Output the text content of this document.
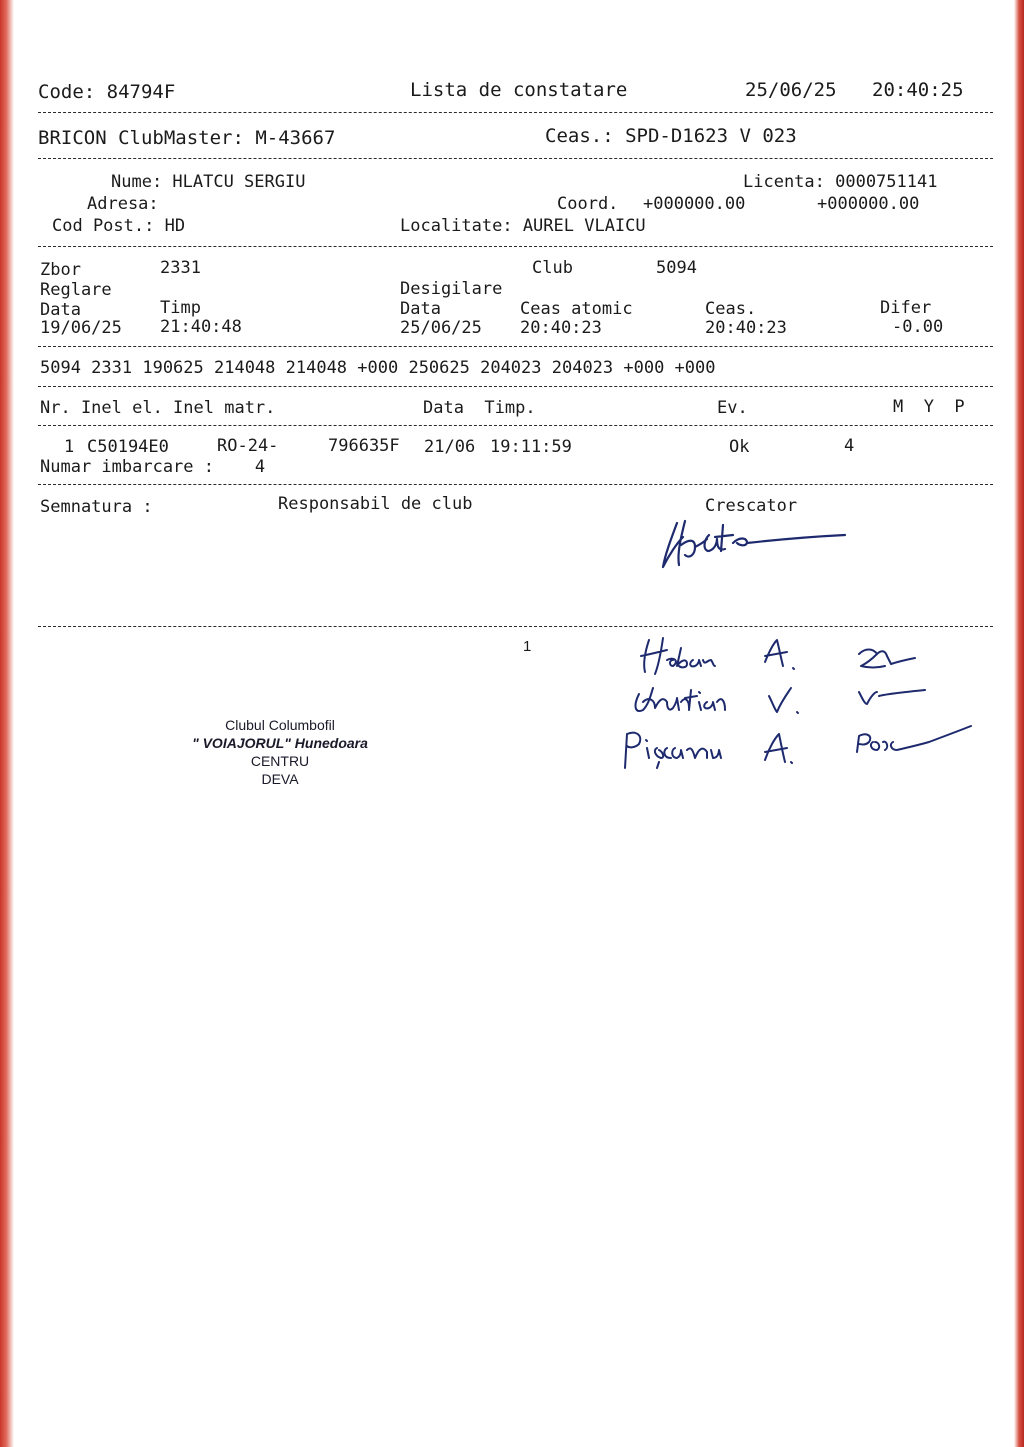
Code: 84794F	Lista de constatare	25/06/25 20:40:25
BRICON ClubMaster: M-43667	Ceas.: SPD-D1623 V 023
Nume: HLATCU SERGIU	Licenta: 0000751141
Adresa:	Coord. +000000.00	+000000.00
Cod Post.: HD	Localitate: AUREL VLAICU
Zbor	2331	Club	5094
Reglare	Desigilare
Data	Timp	Data	Ceas atomic	Ceas.	Difer
19/06/25 21:40:48	25/06/25 20:40:23	20:40:23	-0.00
5094 2331 190625 214048 214048 +000 250625 204023 204023 +000 +000
Nr. Inel el. Inel matr.	Data  Timp.	Ev.	M  Y  P
1 C50194E0	RO-24-	796635F 21/06 19:11:59	Ok	4
Numar imbarcare :    4
Semnatura :	Responsabil de club	Crescator
1
Clubul Columbofil
" VOIAJORUL" Hunedoara
CENTRU
DEVA
